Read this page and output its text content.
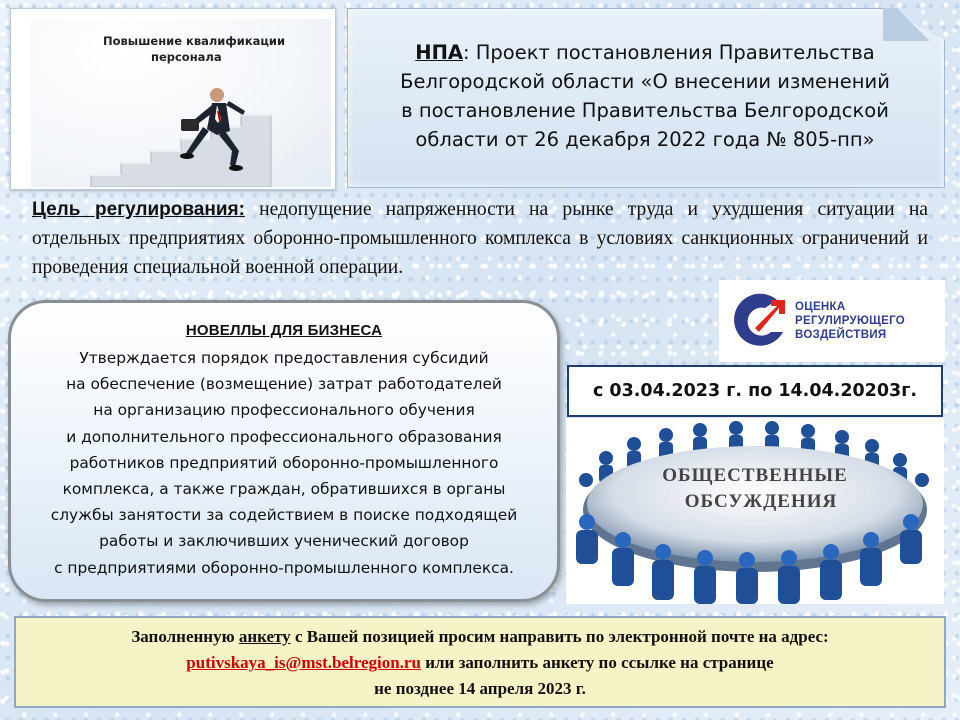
Повышение квалификации
персонала	НПА: Проект постановления Правительства
Белгородской области «О внесении изменений
в постановление Правительства Белгородской
области от 26 декабря 2022 года № 805-пп»
Цель регулирования: недопущение напряженности на рынке труда и ухудшения ситуации на отдельных предприятиях оборонно-промышленного комплекса в условиях санкционных ограничений и проведения специальной военной операции.
НОВЕЛЛЫ ДЛЯ БИЗНЕСА
Утверждается порядок предоставления субсидий
на обеспечение (возмещение) затрат работодателей
на организацию профессионального обучения
и дополнительного профессионального образования
работников предприятий оборонно-промышленного
комплекса, а также граждан, обратившихся в органы
службы занятости за содействием в поиске подходящей
работы и заключивших ученический договор
с предприятиями оборонно-промышленного комплекса.
ОЦЕНКА
РЕГУЛИРУЮЩЕГО
ВОЗДЕЙСТВИЯ
с 03.04.2023 г. по 14.04.20203г.
ОБЩЕСТВЕННЫЕ
ОБСУЖДЕНИЯ
Заполненную анкету с Вашей позицией просим направить по электронной почте на адрес:
putivskaya_is@mst.belregion.ru или заполнить анкету по ссылке на странице
не позднее 14 апреля 2023 г.
